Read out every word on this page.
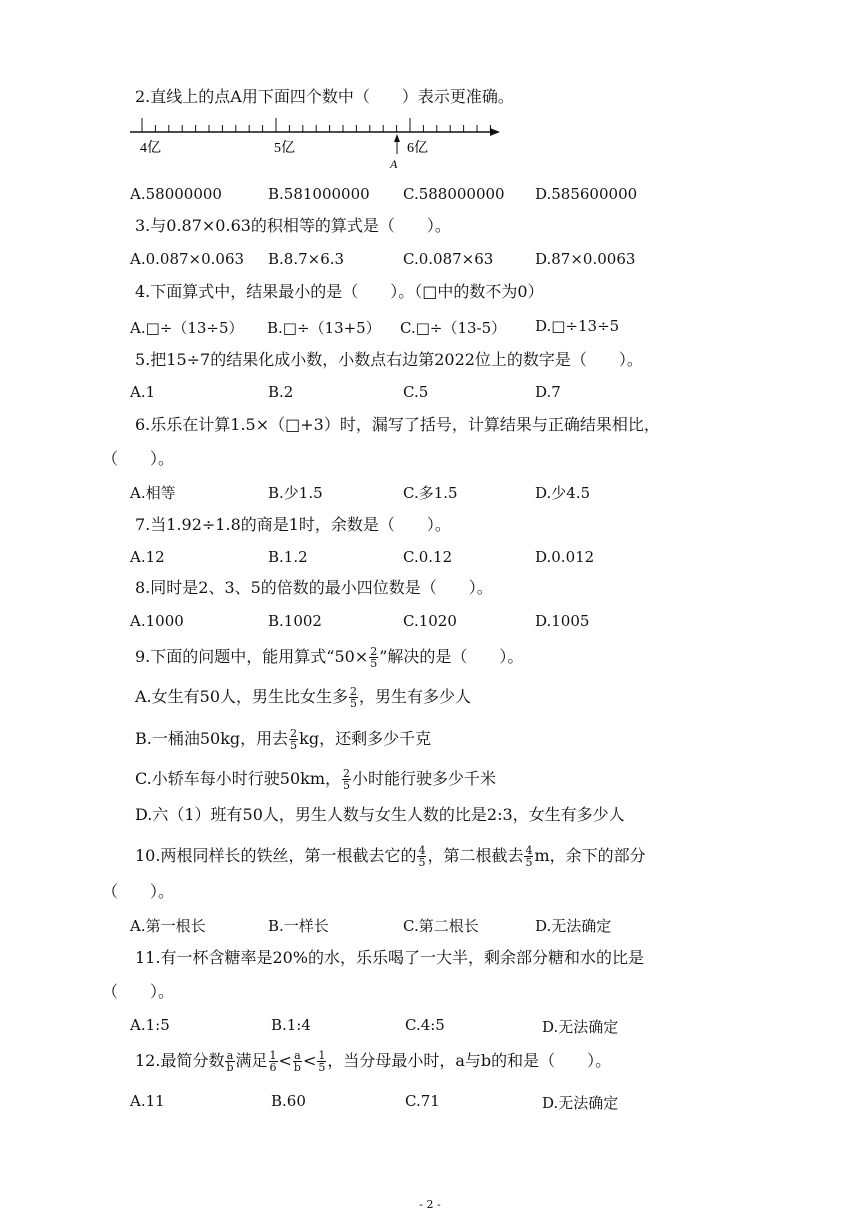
2.直线上的点A用下面四个数中（　　）表示更准确。
4亿	5亿	6亿
A
A.58000000	B.581000000 C.588000000 D.585600000
3.与0.87×0.63的积相等的算式是（　　）。
A.0.087×0.063 B.8.7×6.3	C.0.087×63	D.87×0.0063
4.下面算式中，结果最小的是（　　）。（□中的数不为0）
A.□÷（13÷5） B.□÷（13+5） C.□÷（13-5） D.□÷13÷5
5.把15÷7的结果化成小数，小数点右边第2022位上的数字是（　　）。
A.1	B.2	C.5	D.7
6.乐乐在计算1.5×（□+3）时，漏写了括号，计算结果与正确结果相比，
（　　）。
A.相等	B.少1.5	C.多1.5	D.少4.5
7.当1.92÷1.8的商是1时，余数是（　　）。
A.12	B.1.2	C.0.12	D.0.012
8.同时是2、3、5的倍数的最小四位数是（　　）。
A.1000	B.1002	C.1020	D.1005
9.下面的问题中，能用算式“$50\times \frac{2}{5}$ ”解决的是（　　）。
A.女生有50人，男生比女生多 $\frac{2}{5}$ ，男生有多少人
B.一桶油50kg，用去 $\frac{2}{5}$ kg，还剩多少千克
C.小轿车每小时行驶50km， $\frac{2}{5}$ 小时能行驶多少千米
D.六（1）班有50人，男生人数与女生人数的比是2:3，女生有多少人
10.两根同样长的铁丝，第一根截去它的 $\frac{4}{5}$ ，第二根截去 $\frac{4}{5}$ m，余下的部分
（　　）。
A.第一根长	B.一样长	C.第二根长	D.无法确定
11.有一杯含糖率是20%的水，乐乐喝了一大半，剩余部分糖和水的比是
（　　）。
A.1:5	B.1:4	C.4:5	D.无法确定
12.最简分数 $\frac{a}{b}$ 满足 $\frac{1}{6} < \frac{a}{b} < \frac{1}{5}$ ，当分母最小时，a与b的和是（　　）。
A.11	B.60	C.71	D.无法确定
- 2 -
